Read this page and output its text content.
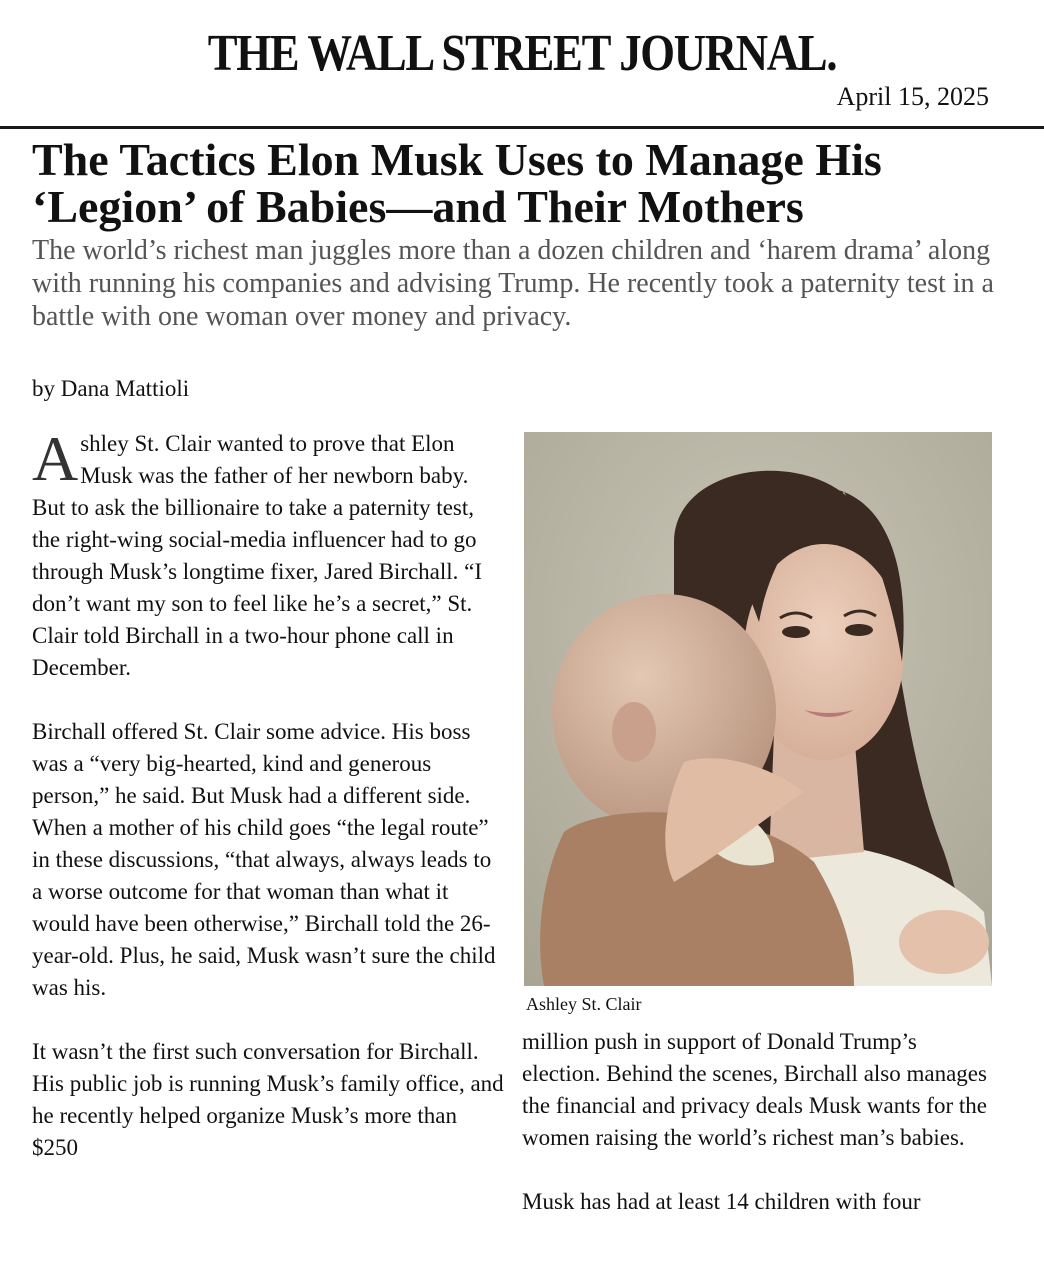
THE WALL STREET JOURNAL.
April 15, 2025
The Tactics Elon Musk Uses to Manage His
‘Legion’ of Babies—and Their Mothers
The world’s richest man juggles more than a dozen children and ‘harem drama’ along with running his companies and advising Trump. He recently took a paternity test in a battle with one woman over money and privacy.
by Dana Mattioli

Ashley St. Clair wanted to prove that Elon Musk was the father of her newborn baby. But to ask the billionaire to take a paternity test, the right-wing social-media influencer had to go through Musk’s longtime fixer, Jared Birchall. “I don’t want my son to feel like he’s a secret,” St. Clair told Birchall in a two-hour phone call in December.

Birchall offered St. Clair some advice. His boss was a “very big-hearted, kind and generous person,” he said. But Musk had a different side. When a mother of his child goes “the legal route” in these discussions, “that always, always leads to a worse outcome for that woman than what it would have been otherwise,” Birchall told the 26-year-old. Plus, he said, Musk wasn’t sure the child was his.

It wasn’t the first such conversation for Birchall. His public job is running Musk’s family office, and he recently helped organize Musk’s more than $250

Ashley St. Clair

million push in support of Donald Trump’s election. Behind the scenes, Birchall also manages the financial and privacy deals Musk wants for the women raising the world’s richest man’s babies.

Musk has had at least 14 children with four
